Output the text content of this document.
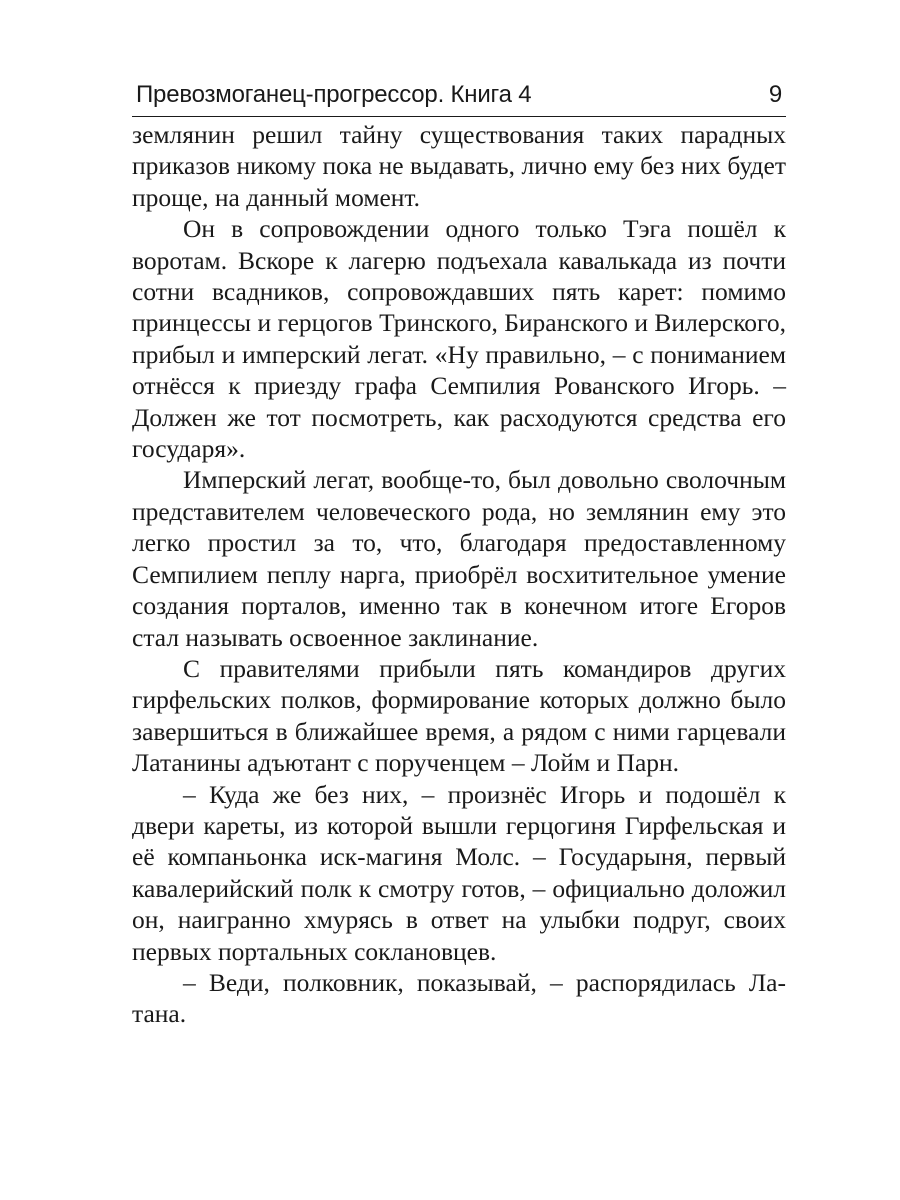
Превозмоганец-прогрессор. Книга 4	9

землянин решил тайну существования таких парадных приказов никому пока не выдавать, лично ему без них будет проще, на данный момент.

Он в сопровождении одного только Тэга пошёл к воротам. Вскоре к лагерю подъехала кавалькада из почти сотни всадников, сопровождавших пять карет: помимо принцессы и герцогов Тринского, Биранского и Вилерского, прибыл и имперский легат. «Ну правильно, – с пониманием отнёсся к приезду графа Семпилия Рованского Игорь. – Должен же тот посмотреть, как расходуются средства его государя».

Имперский легат, вообще-то, был довольно сволочным представителем человеческого рода, но землянин ему это легко простил за то, что, благодаря предоставленному Семпилием пеплу нарга, приобрёл восхитительное умение создания порталов, именно так в конечном итоге Егоров стал называть освоенное заклинание.

С правителями прибыли пять командиров других гирфельских полков, формирование которых должно было завершиться в ближайшее время, а рядом с ними гарцевали Латанины адъютант с порученцем – Лойм и Парн.

– Куда же без них, – произнёс Игорь и подошёл к двери кареты, из которой вышли герцогиня Гирфельская и её компаньонка иск-магиня Молс. – Государыня, первый кавалерийский полк к смотру готов, – официально доложил он, наигранно хмурясь в ответ на улыбки подруг, своих первых портальных соклановцев.

– Веди, полковник, показывай, – распорядилась Латана.
